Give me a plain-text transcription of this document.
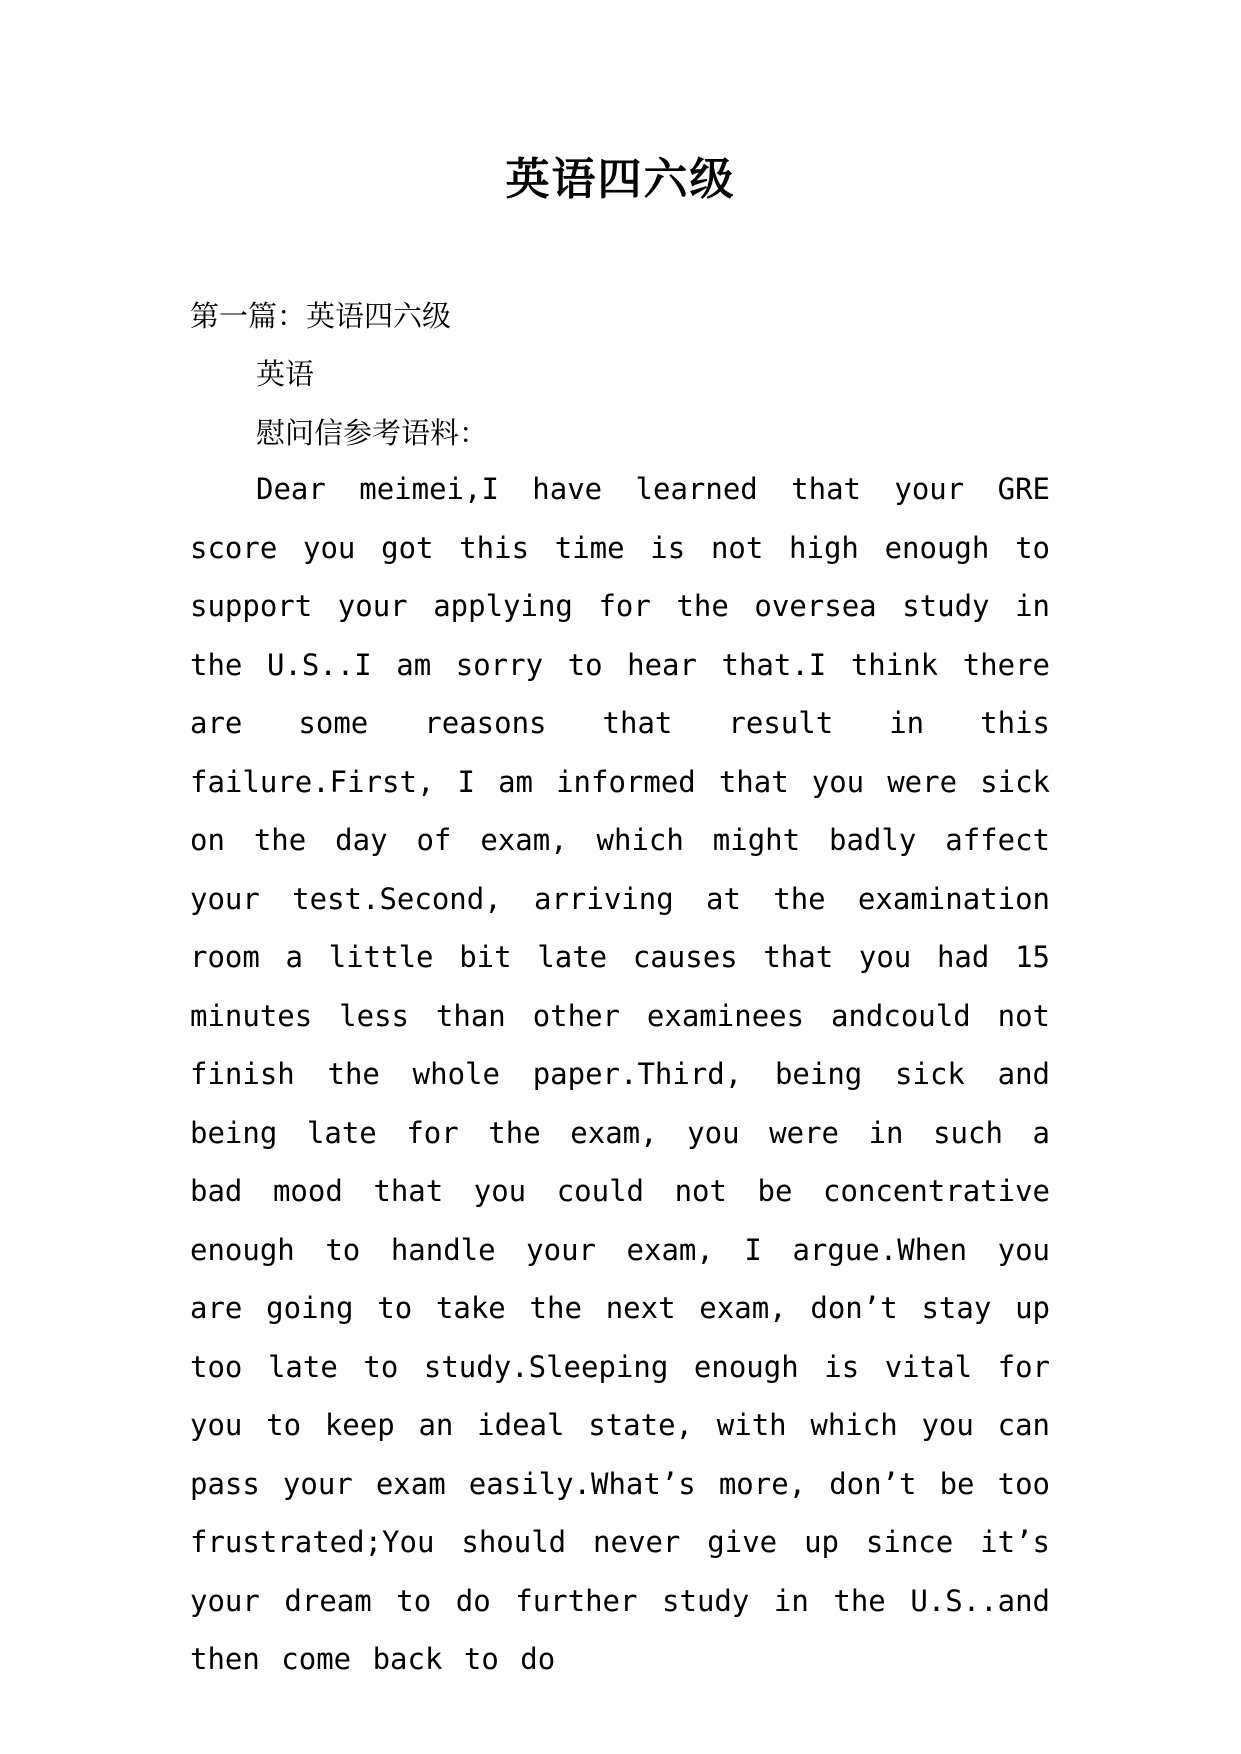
英语四六级
第一篇：英语四六级
英语
慰问信参考语料：
Dear meimei,I have learned that your GRE score you got this time is not high enough to support your applying for the oversea study in the U.S..I am sorry to hear that.I think there are some reasons that result in this failure.First, I am informed that you were sick on the day of exam, which might badly affect your test.Second, arriving at the examination room a little bit late causes that you had 15 minutes less than other examinees andcould not finish the whole paper.Third, being sick and being late for the exam, you were in such a bad mood that you could not be concentrative enough to handle your exam, I argue.When you are going to take the next exam, don’t stay up too late to study.Sleeping enough is vital for you to keep an ideal state, with which you can pass your exam easily.What’s more, don’t be too frustrated;You should never give up since it’s your dream to do further study in the U.S..and then come back to do
